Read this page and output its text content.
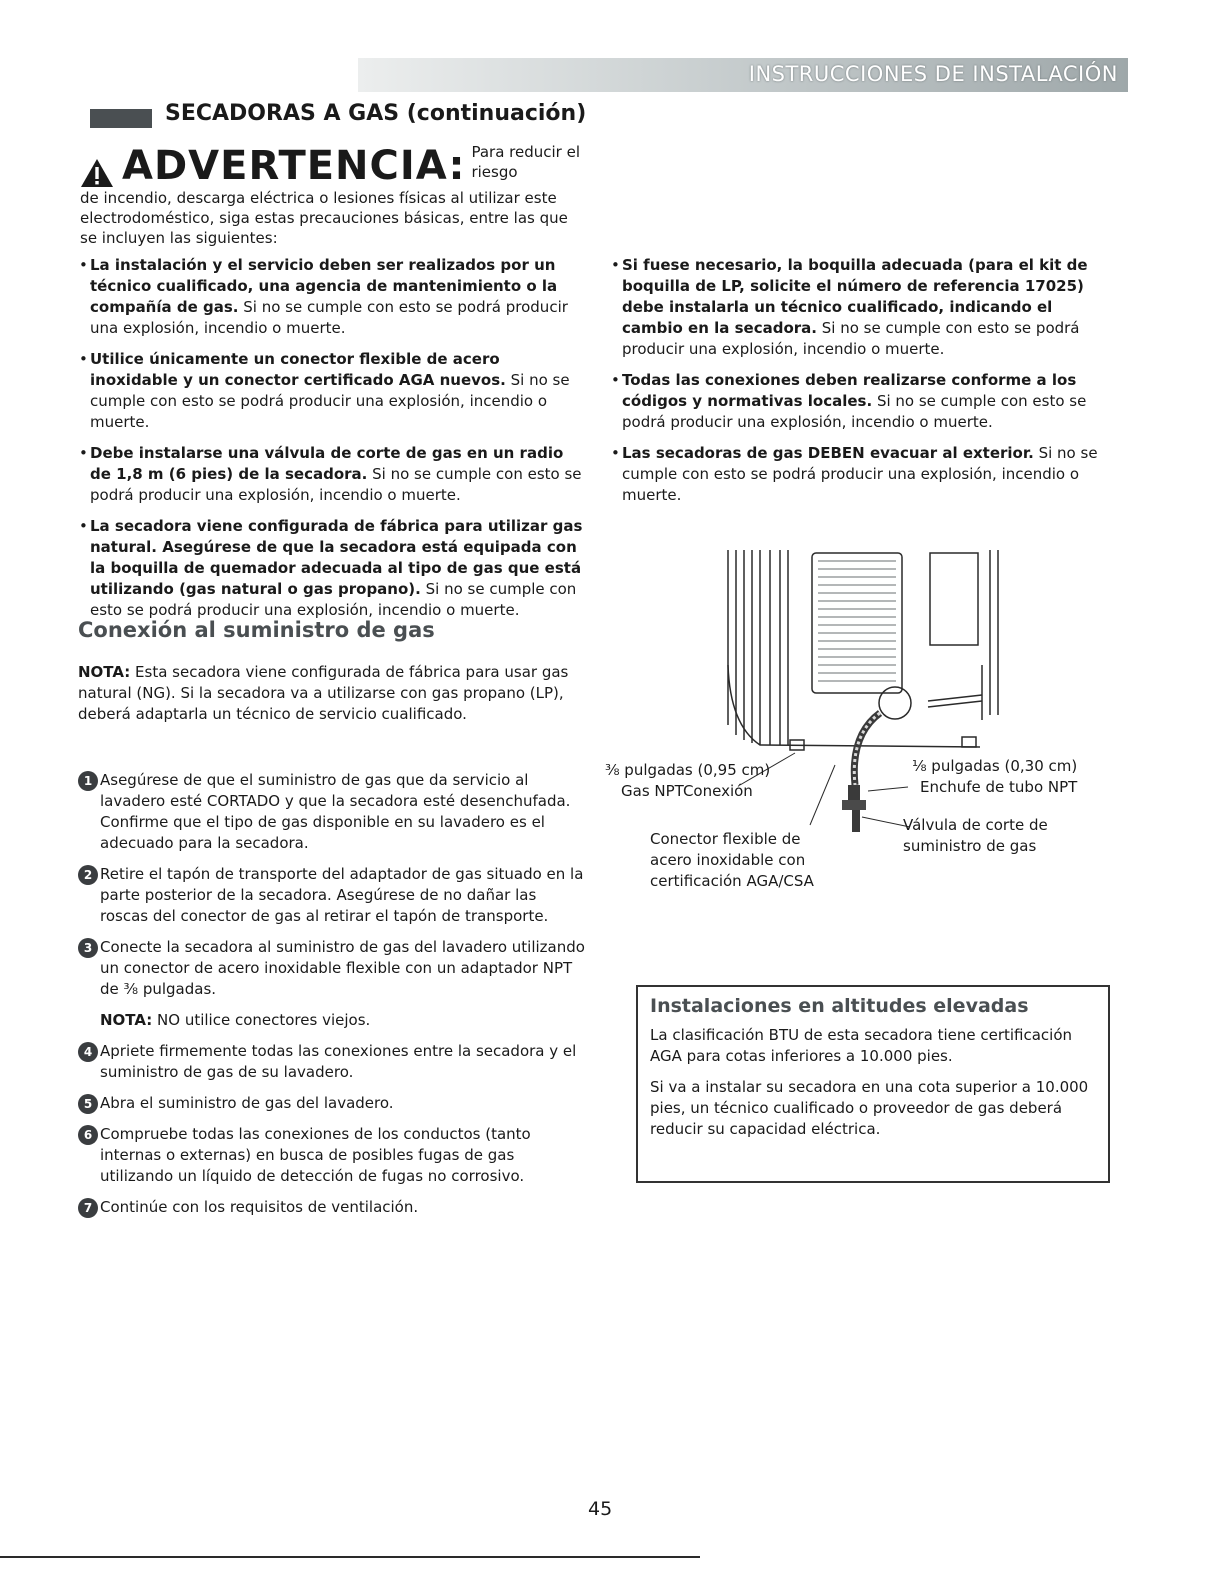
INSTRUCCIONES DE INSTALACIÓN
SECADORAS A GAS (continuación)
ADVERTENCIA: Para reducir el riesgo

de incendio, descarga eléctrica o lesiones físicas al utilizar este electrodoméstico, siga estas precauciones básicas, entre las que se incluyen las siguientes:

• La instalación y el servicio deben ser realizados por un técnico cualificado, una agencia de mantenimiento o la compañía de gas. Si no se cumple con esto se podrá producir una explosión, incendio o muerte.
• Utilice únicamente un conector flexible de acero inoxidable y un conector certificado AGA nuevos. Si no se cumple con esto se podrá producir una explosión, incendio o muerte.
• Debe instalarse una válvula de corte de gas en un radio de 1,8 m (6 pies) de la secadora. Si no se cumple con esto se podrá producir una explosión, incendio o muerte.
• La secadora viene configurada de fábrica para utilizar gas natural. Asegúrese de que la secadora está equipada con la boquilla de quemador adecuada al tipo de gas que está utilizando (gas natural o gas propano). Si no se cumple con esto se podrá producir una explosión, incendio o muerte.
• Si fuese necesario, la boquilla adecuada (para el kit de boquilla de LP, solicite el número de referencia 17025) debe instalarla un técnico cualificado, indicando el cambio en la secadora. Si no se cumple con esto se podrá producir una explosión, incendio o muerte.
• Todas las conexiones deben realizarse conforme a los códigos y normativas locales. Si no se cumple con esto se podrá producir una explosión, incendio o muerte.
• Las secadoras de gas DEBEN evacuar al exterior. Si no se cumple con esto se podrá producir una explosión, incendio o muerte.
Conexión al suministro de gas

NOTA: Esta secadora viene configurada de fábrica para usar gas natural (NG). Si la secadora va a utilizarse con gas propano (LP), deberá adaptarla un técnico de servicio cualificado.

1 Asegúrese de que el suministro de gas que da servicio al lavadero esté CORTADO y que la secadora esté desenchufada. Confirme que el tipo de gas disponible en su lavadero es el adecuado para la secadora.

2 Retire el tapón de transporte del adaptador de gas situado en la parte posterior de la secadora. Asegúrese de no dañar las roscas del conector de gas al retirar el tapón de transporte.

3 Conecte la secadora al suministro de gas del lavadero utilizando un conector de acero inoxidable flexible con un adaptador NPT de ⅜ pulgadas.

NOTA: NO utilice conectores viejos.

4 Apriete firmemente todas las conexiones entre la secadora y el suministro de gas de su lavadero.

5 Abra el suministro de gas del lavadero.

6 Compruebe todas las conexiones de los conductos (tanto internas o externas) en busca de posibles fugas de gas utilizando un líquido de detección de fugas no corrosivo.

7 Continúe con los requisitos de ventilación.

⅜ pulgadas (0,95 cm)
Gas NPTConexión
⅛ pulgadas (0,30 cm)
Enchufe de tubo NPT
Conector flexible de acero inoxidable con certificación AGA/CSA
Válvula de corte de suministro de gas

Instalaciones en altitudes elevadas

La clasificación BTU de esta secadora tiene certificación AGA para cotas inferiores a 10.000 pies.

Si va a instalar su secadora en una cota superior a 10.000 pies, un técnico cualificado o proveedor de gas deberá reducir su capacidad eléctrica.

45
